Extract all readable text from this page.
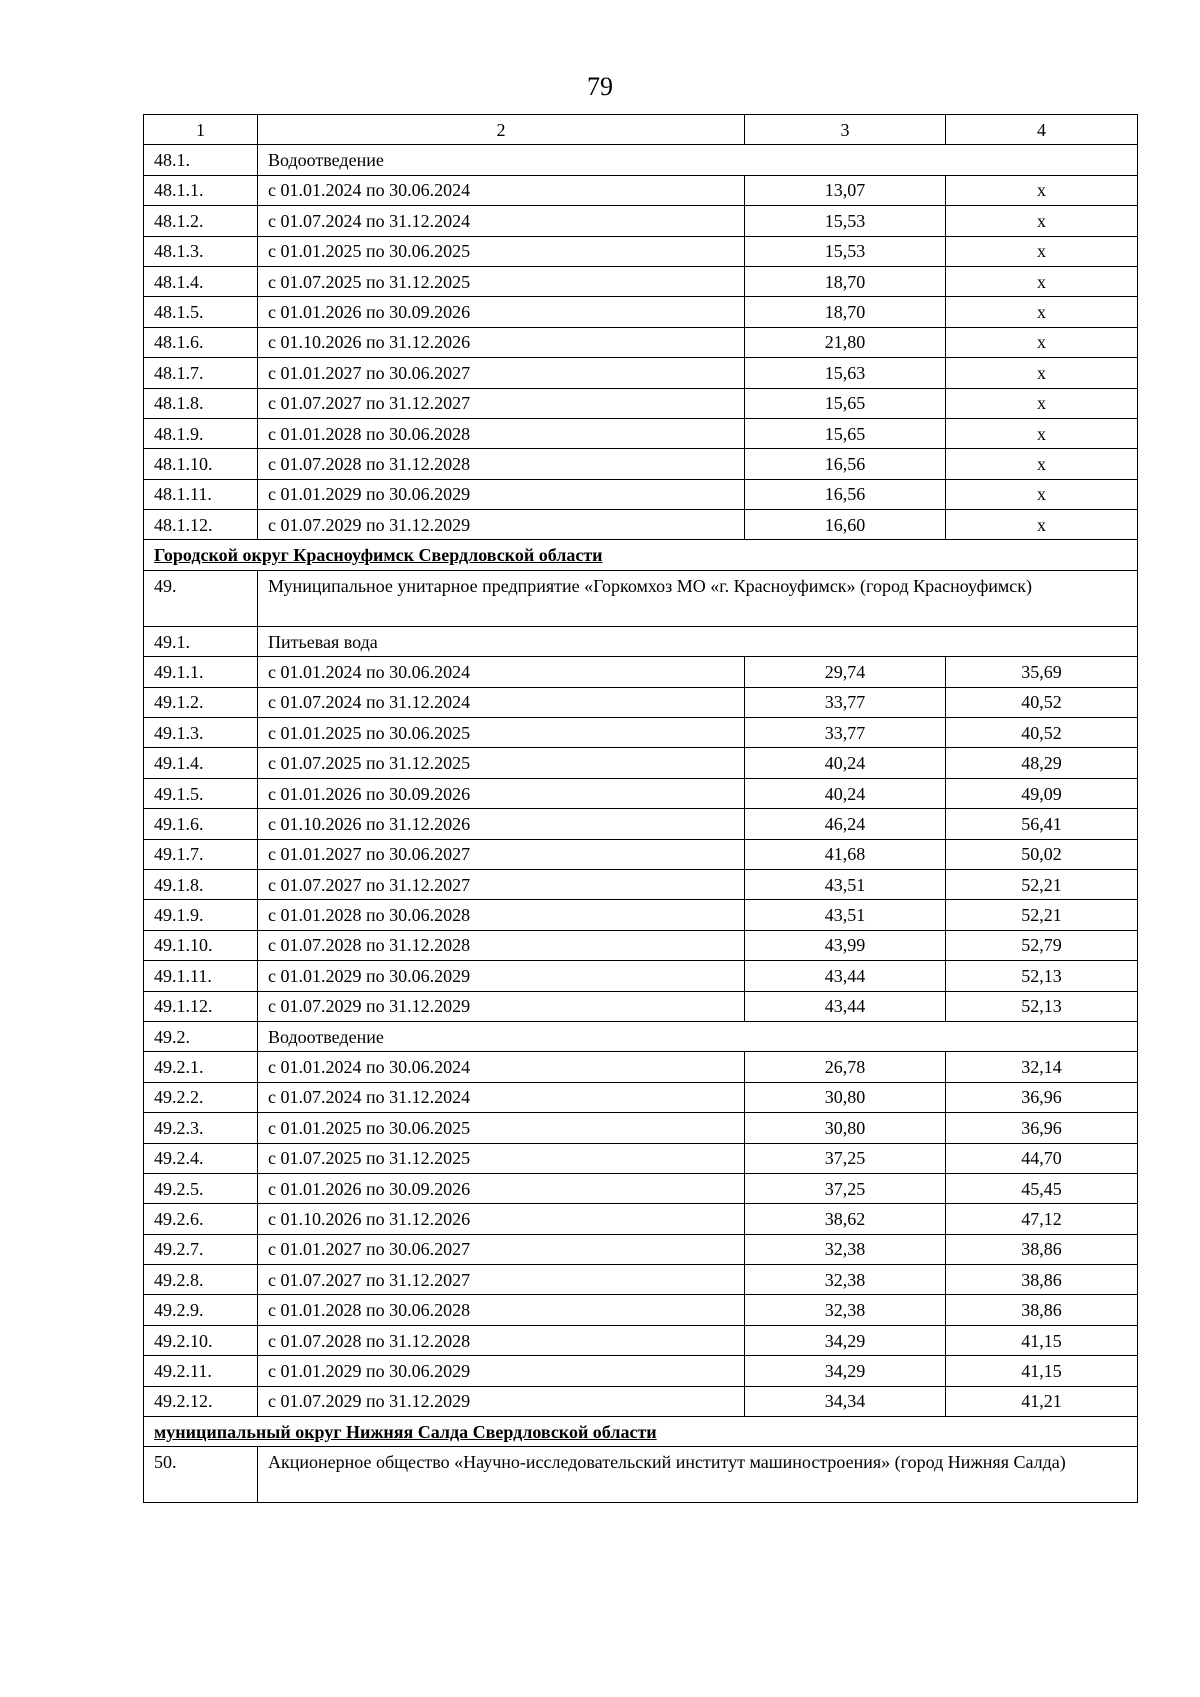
79
1	2	3	4
48.1.	Водоотведение		
48.1.1.	с 01.01.2024 по 30.06.2024	13,07	х
48.1.2.	с 01.07.2024 по 31.12.2024	15,53	х
48.1.3.	с 01.01.2025 по 30.06.2025	15,53	х
48.1.4.	с 01.07.2025 по 31.12.2025	18,70	х
48.1.5.	с 01.01.2026 по 30.09.2026	18,70	х
48.1.6.	с 01.10.2026 по 31.12.2026	21,80	х
48.1.7.	с 01.01.2027 по 30.06.2027	15,63	х
48.1.8.	с 01.07.2027 по 31.12.2027	15,65	х
48.1.9.	с 01.01.2028 по 30.06.2028	15,65	х
48.1.10.	с 01.07.2028 по 31.12.2028	16,56	х
48.1.11.	с 01.01.2029 по 30.06.2029	16,56	х
48.1.12.	с 01.07.2029 по 31.12.2029	16,60	х
Городской округ Красноуфимск Свердловской области			
49.	Муниципальное унитарное предприятие «Горкомхоз МО «г. Красноуфимск» (город Красноуфимск)		
49.1.	Питьевая вода		
49.1.1.	с 01.01.2024 по 30.06.2024	29,74	35,69
49.1.2.	с 01.07.2024 по 31.12.2024	33,77	40,52
49.1.3.	с 01.01.2025 по 30.06.2025	33,77	40,52
49.1.4.	с 01.07.2025 по 31.12.2025	40,24	48,29
49.1.5.	с 01.01.2026 по 30.09.2026	40,24	49,09
49.1.6.	с 01.10.2026 по 31.12.2026	46,24	56,41
49.1.7.	с 01.01.2027 по 30.06.2027	41,68	50,02
49.1.8.	с 01.07.2027 по 31.12.2027	43,51	52,21
49.1.9.	с 01.01.2028 по 30.06.2028	43,51	52,21
49.1.10.	с 01.07.2028 по 31.12.2028	43,99	52,79
49.1.11.	с 01.01.2029 по 30.06.2029	43,44	52,13
49.1.12.	с 01.07.2029 по 31.12.2029	43,44	52,13
49.2.	Водоотведение		
49.2.1.	с 01.01.2024 по 30.06.2024	26,78	32,14
49.2.2.	с 01.07.2024 по 31.12.2024	30,80	36,96
49.2.3.	с 01.01.2025 по 30.06.2025	30,80	36,96
49.2.4.	с 01.07.2025 по 31.12.2025	37,25	44,70
49.2.5.	с 01.01.2026 по 30.09.2026	37,25	45,45
49.2.6.	с 01.10.2026 по 31.12.2026	38,62	47,12
49.2.7.	с 01.01.2027 по 30.06.2027	32,38	38,86
49.2.8.	с 01.07.2027 по 31.12.2027	32,38	38,86
49.2.9.	с 01.01.2028 по 30.06.2028	32,38	38,86
49.2.10.	с 01.07.2028 по 31.12.2028	34,29	41,15
49.2.11.	с 01.01.2029 по 30.06.2029	34,29	41,15
49.2.12.	с 01.07.2029 по 31.12.2029	34,34	41,21
муниципальный округ Нижняя Салда Свердловской области			
50.	Акционерное общество «Научно-исследовательский институт машиностроения» (город Нижняя Салда)		
